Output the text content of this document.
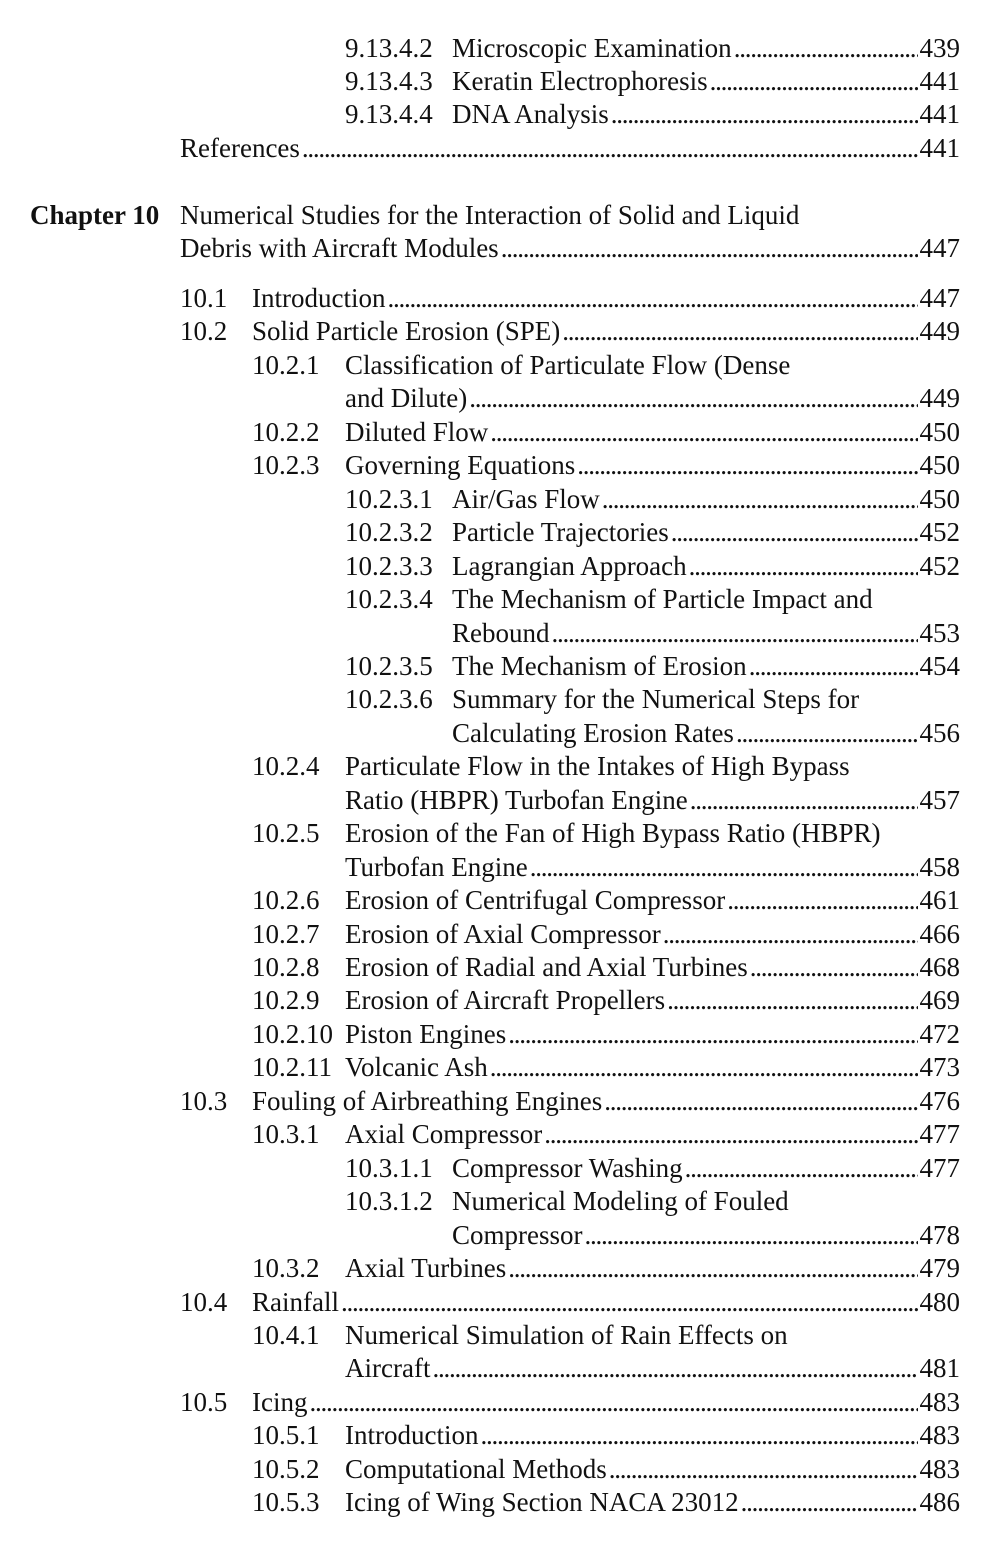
9.13.4.2 Microscopic Examination . . .	439
9.13.4.3 Keratin Electrophoresis . . .	441
9.13.4.4 DNA Analysis . . .	441
References . . .	441
Chapter 10 Numerical Studies for the Interaction of Solid and Liquid
Debris with Aircraft Modules . . .	447
10.1 Introduction . . .	447
10.2 Solid Particle Erosion (SPE) . . .	449
10.2.1 Classification of Particulate Flow (Dense
and Dilute) . . .	449
10.2.2 Diluted Flow . . .	450
10.2.3 Governing Equations . . .	450
10.2.3.1 Air/Gas Flow . . .	450
10.2.3.2 Particle Trajectories . . .	452
10.2.3.3 Lagrangian Approach . . .	452
10.2.3.4 The Mechanism of Particle Impact and
Rebound . . .	453
10.2.3.5 The Mechanism of Erosion . . .	454
10.2.3.6 Summary for the Numerical Steps for
Calculating Erosion Rates . . .	456
10.2.4 Particulate Flow in the Intakes of High Bypass
Ratio (HBPR) Turbofan Engine . . .	457
10.2.5 Erosion of the Fan of High Bypass Ratio (HBPR)
Turbofan Engine . . .	458
10.2.6 Erosion of Centrifugal Compressor . . .	461
10.2.7 Erosion of Axial Compressor . . .	466
10.2.8 Erosion of Radial and Axial Turbines . . .	468
10.2.9 Erosion of Aircraft Propellers . . .	469
10.2.10 Piston Engines . . .	472
10.2.11 Volcanic Ash . . .	473
10.3 Fouling of Airbreathing Engines . . .	476
10.3.1 Axial Compressor . . .	477
10.3.1.1 Compressor Washing . . .	477
10.3.1.2 Numerical Modeling of Fouled
Compressor . . .	478
10.3.2 Axial Turbines . . .	479
10.4 Rainfall . . .	480
10.4.1 Numerical Simulation of Rain Effects on
Aircraft . . .	481
10.5 Icing . . .	483
10.5.1 Introduction . . .	483
10.5.2 Computational Methods . . .	483
10.5.3 Icing of Wing Section NACA 23012 . . .	486
